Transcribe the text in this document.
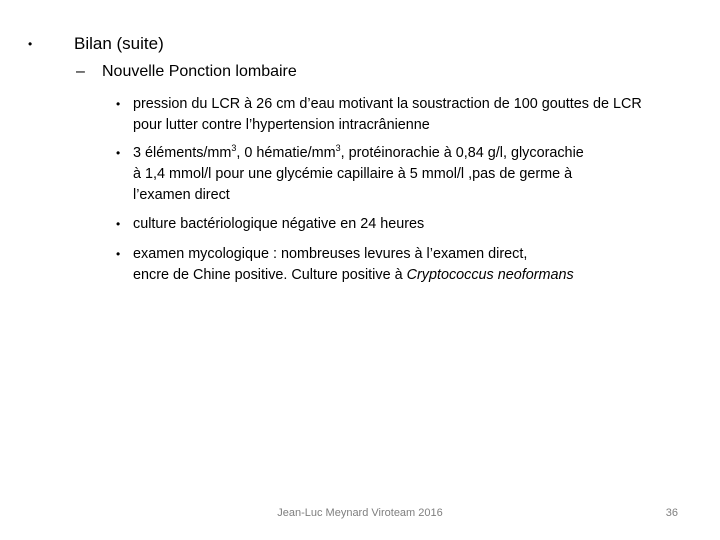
• Bilan (suite)
– Nouvelle Ponction lombaire
• pression du LCR à 26 cm d’eau motivant la soustraction de 100 gouttes de LCR
pour lutter contre l’hypertension intracrânienne
• 3 éléments/$mm^3$, 0 hématie/$mm^3$, protéinorachie à 0,84 g/l, glycorachie
à 1,4 mmol/l pour une glycémie capillaire à 5 mmol/l ,pas de germe à
l’examen direct
• culture bactériologique négative en 24 heures
• examen mycologique : nombreuses levures à l’examen direct,
encre de Chine positive. Culture positive à Cryptococcus neoformans
Jean-Luc Meynard Viroteam 2016	36
